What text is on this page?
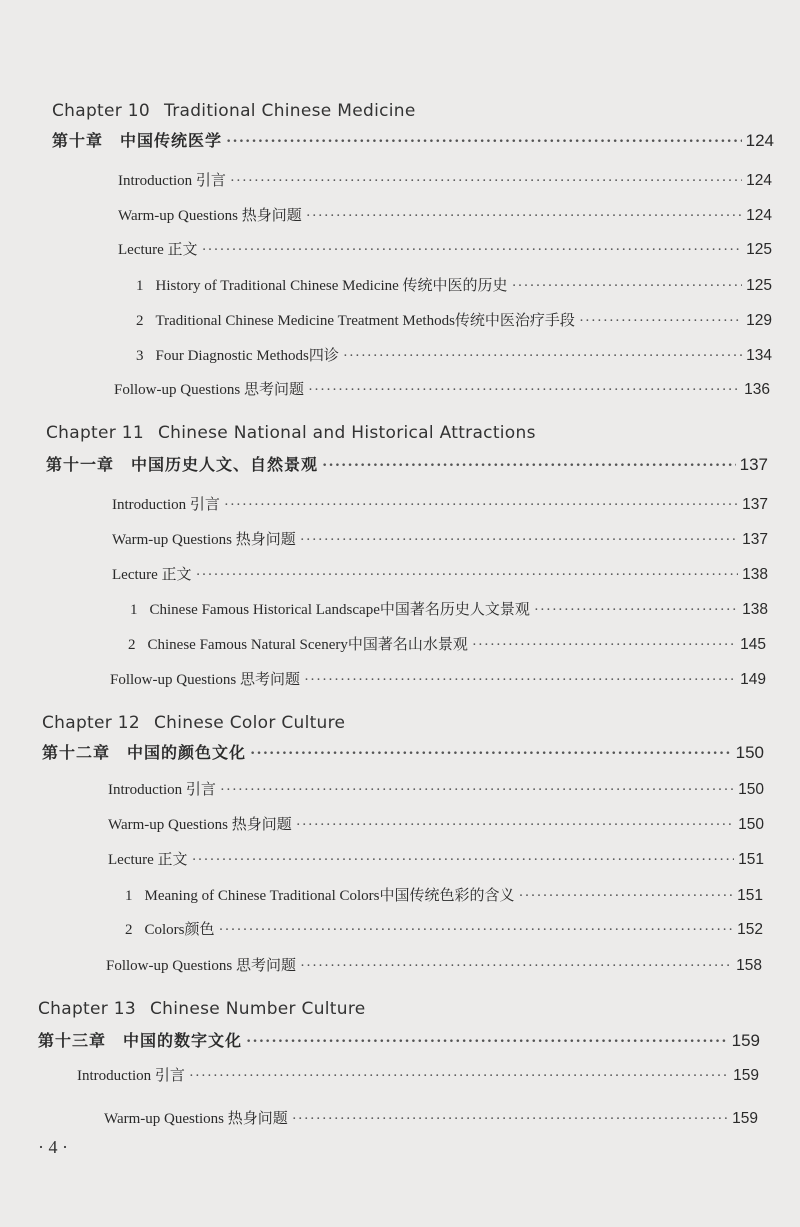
Chapter 10 Traditional Chinese Medicine
第十章　中国传统医学 ·····	124
Introduction 引言 ·····	124
Warm-up Questions 热身问题 ·····	124
Lecture 正文 ·····	125
1 History of Traditional Chinese Medicine 传统中医的历史 ·····	125
2 Traditional Chinese Medicine Treatment Methods传统中医治疗手段 ·····	129
3 Four Diagnostic Methods四诊 ·····	134
Follow-up Questions 思考问题 ·····	136
Chapter 11 Chinese National and Historical Attractions
第十一章　中国历史人文、自然景观 ·····	137
Introduction 引言 ·····	137
Warm-up Questions 热身问题 ·····	137
Lecture 正文 ·····	138
1 Chinese Famous Historical Landscape中国著名历史人文景观 ·····	138
2 Chinese Famous Natural Scenery中国著名山水景观 ·····	145
Follow-up Questions 思考问题 ·····	149
Chapter 12 Chinese Color Culture
第十二章　中国的颜色文化 ·····	150
Introduction 引言 ·····	150
Warm-up Questions 热身问题 ·····	150
Lecture 正文 ·····	151
1 Meaning of Chinese Traditional Colors中国传统色彩的含义 ·····	151
2 Colors颜色 ·····	152
Follow-up Questions 思考问题 ·····	158
Chapter 13 Chinese Number Culture
第十三章　中国的数字文化 ·····	159
Introduction 引言 ·····	159
Warm-up Questions 热身问题 ·····	159
· 4 ·
